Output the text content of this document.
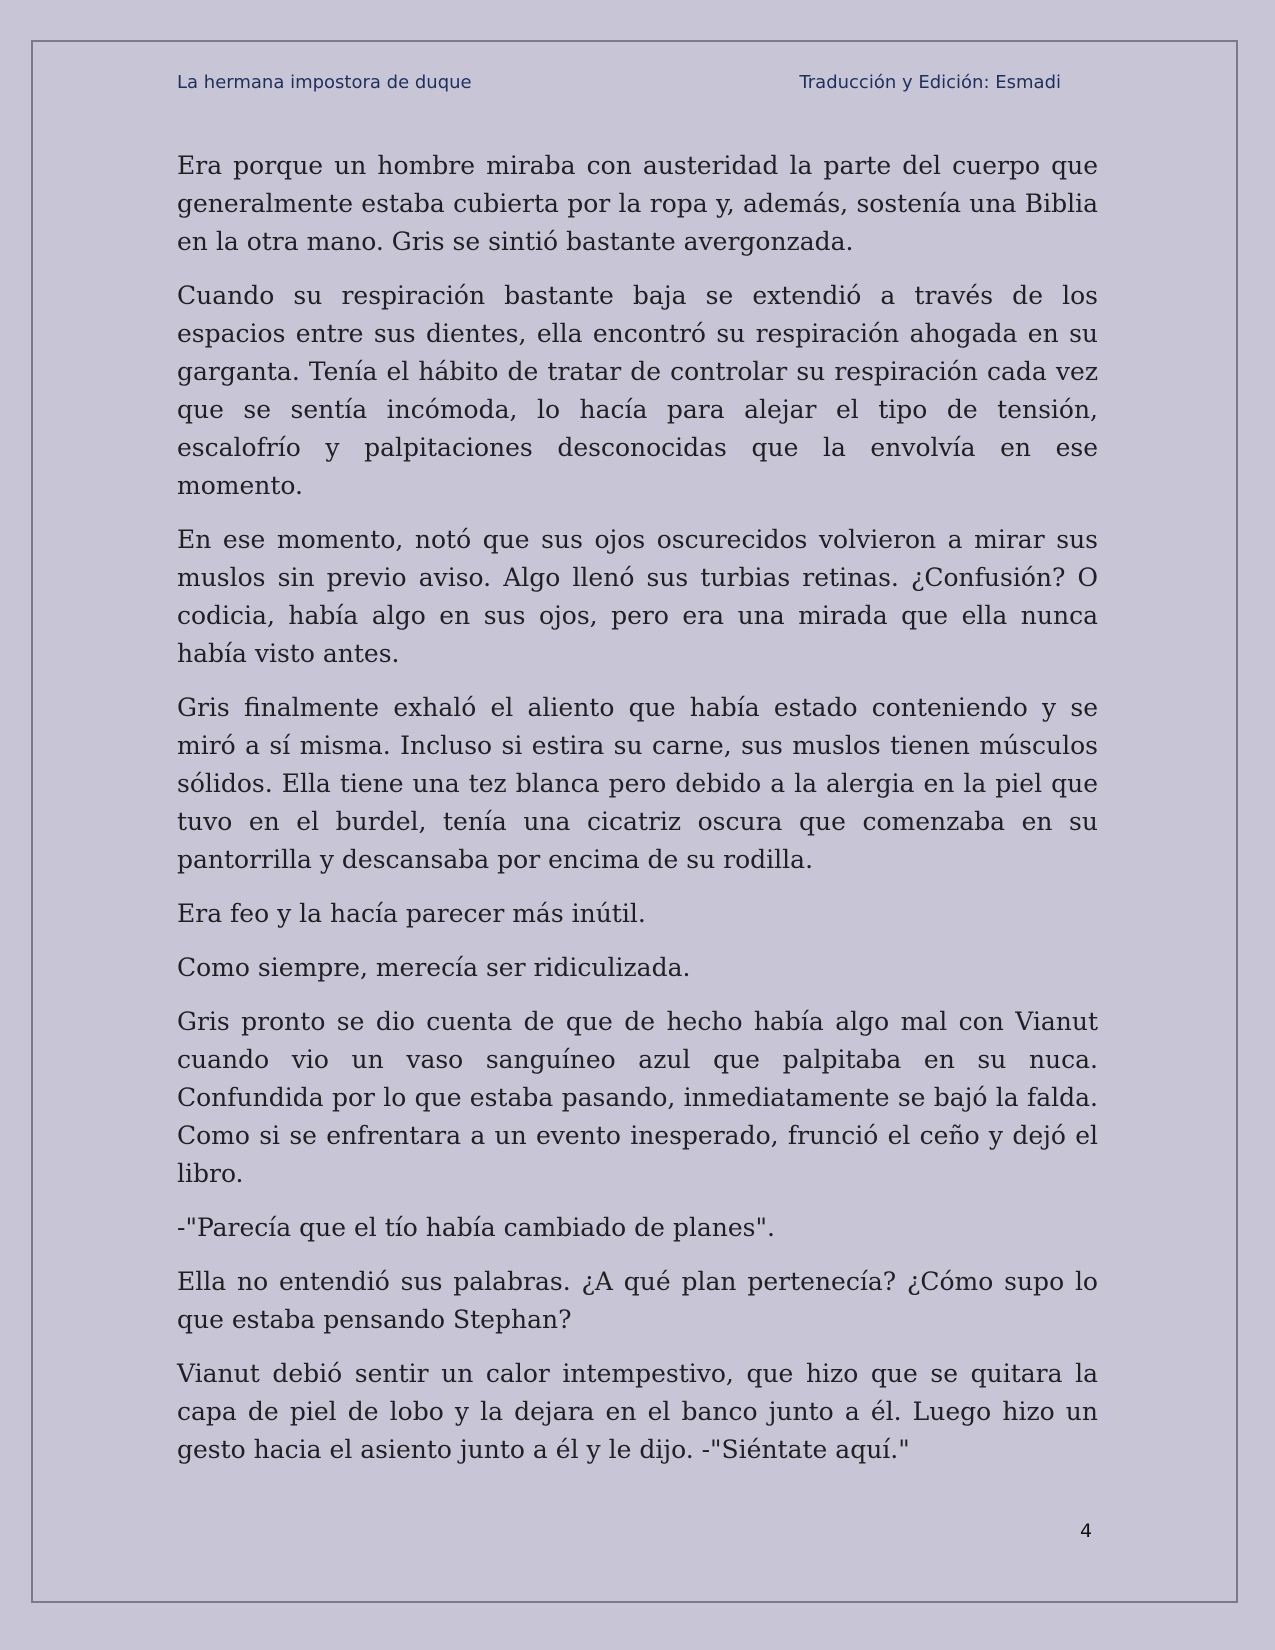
La hermana impostora de duque	Traducción y Edición: Esmadi

Era porque un hombre miraba con austeridad la parte del cuerpo que generalmente estaba cubierta por la ropa y, además, sostenía una Biblia en la otra mano. Gris se sintió bastante avergonzada.

Cuando su respiración bastante baja se extendió a través de los espacios entre sus dientes, ella encontró su respiración ahogada en su garganta. Tenía el hábito de tratar de controlar su respiración cada vez que se sentía incómoda, lo hacía para alejar el tipo de tensión, escalofrío y palpitaciones desconocidas que la envolvía en ese momento.

En ese momento, notó que sus ojos oscurecidos volvieron a mirar sus muslos sin previo aviso. Algo llenó sus turbias retinas. ¿Confusión? O codicia, había algo en sus ojos, pero era una mirada que ella nunca había visto antes.

Gris finalmente exhaló el aliento que había estado conteniendo y se miró a sí misma. Incluso si estira su carne, sus muslos tienen músculos sólidos. Ella tiene una tez blanca pero debido a la alergia en la piel que tuvo en el burdel, tenía una cicatriz oscura que comenzaba en su pantorrilla y descansaba por encima de su rodilla.

Era feo y la hacía parecer más inútil.

Como siempre, merecía ser ridiculizada.

Gris pronto se dio cuenta de que de hecho había algo mal con Vianut cuando vio un vaso sanguíneo azul que palpitaba en su nuca. Confundida por lo que estaba pasando, inmediatamente se bajó la falda. Como si se enfrentara a un evento inesperado, frunció el ceño y dejó el libro.

-"Parecía que el tío había cambiado de planes".

Ella no entendió sus palabras. ¿A qué plan pertenecía? ¿Cómo supo lo que estaba pensando Stephan?

Vianut debió sentir un calor intempestivo, que hizo que se quitara la capa de piel de lobo y la dejara en el banco junto a él. Luego hizo un gesto hacia el asiento junto a él y le dijo. -"Siéntate aquí."

4
